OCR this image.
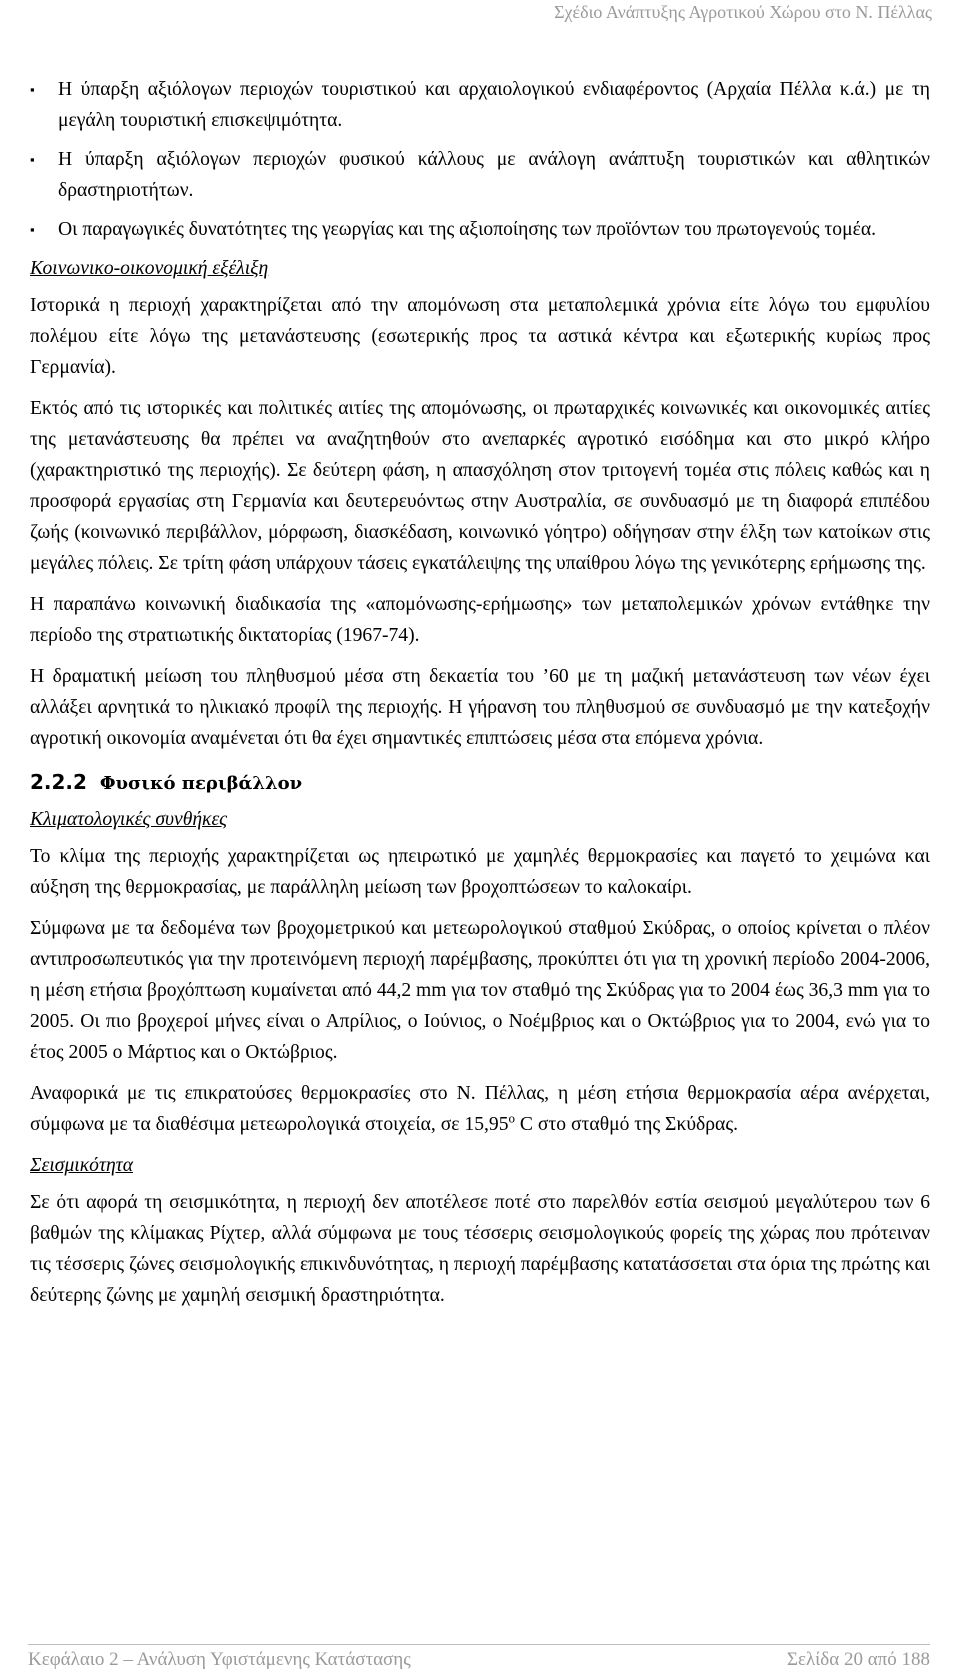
Σχέδιο Ανάπτυξης Αγροτικού Χώρου στο Ν. Πέλλας
▪ Η ύπαρξη αξιόλογων περιοχών τουριστικού και αρχαιολογικού ενδιαφέροντος (Αρχαία Πέλλα κ.ά.) με τη μεγάλη τουριστική επισκεψιμότητα.
▪ Η ύπαρξη αξιόλογων περιοχών φυσικού κάλλους με ανάλογη ανάπτυξη τουριστικών και αθλητικών δραστηριοτήτων.
▪ Οι παραγωγικές δυνατότητες της γεωργίας και της αξιοποίησης των προϊόντων του πρωτογενούς τομέα.
Κοινωνικο-οικονομική εξέλιξη

Ιστορικά η περιοχή χαρακτηρίζεται από την απομόνωση στα μεταπολεμικά χρόνια είτε λόγω του εμφυλίου πολέμου είτε λόγω της μετανάστευσης (εσωτερικής προς τα αστικά κέντρα και εξωτερικής κυρίως προς Γερμανία).

Εκτός από τις ιστορικές και πολιτικές αιτίες της απομόνωσης, οι πρωταρχικές κοινωνικές και οικονομικές αιτίες της μετανάστευσης θα πρέπει να αναζητηθούν στο ανεπαρκές αγροτικό εισόδημα και στο μικρό κλήρο (χαρακτηριστικό της περιοχής). Σε δεύτερη φάση, η απασχόληση στον τριτογενή τομέα στις πόλεις καθώς και η προσφορά εργασίας στη Γερμανία και δευτερευόντως στην Αυστραλία, σε συνδυασμό με τη διαφορά επιπέδου ζωής (κοινωνικό περιβάλλον, μόρφωση, διασκέδαση, κοινωνικό γόητρο) οδήγησαν στην έλξη των κατοίκων στις μεγάλες πόλεις. Σε τρίτη φάση υπάρχουν τάσεις εγκατάλειψης της υπαίθρου λόγω της γενικότερης ερήμωσης της.

Η παραπάνω κοινωνική διαδικασία της «απομόνωσης-ερήμωσης» των μεταπολεμικών χρόνων εντάθηκε την περίοδο της στρατιωτικής δικτατορίας (1967-74).

Η δραματική μείωση του πληθυσμού μέσα στη δεκαετία του ’60 με τη μαζική μετανάστευση των νέων έχει αλλάξει αρνητικά το ηλικιακό προφίλ της περιοχής. Η γήρανση του πληθυσμού σε συνδυασμό με την κατεξοχήν αγροτική οικονομία αναμένεται ότι θα έχει σημαντικές επιπτώσεις μέσα στα επόμενα χρόνια.

2.2.2 Φυσικό περιβάλλον
Κλιματολογικές συνθήκες

Το κλίμα της περιοχής χαρακτηρίζεται ως ηπειρωτικό με χαμηλές θερμοκρασίες και παγετό το χειμώνα και αύξηση της θερμοκρασίας, με παράλληλη μείωση των βροχοπτώσεων το καλοκαίρι.

Σύμφωνα με τα δεδομένα των βροχομετρικού και μετεωρολογικού σταθμού Σκύδρας, ο οποίος κρίνεται ο πλέον αντιπροσωπευτικός για την προτεινόμενη περιοχή παρέμβασης, προκύπτει ότι για τη χρονική περίοδο 2004-2006, η μέση ετήσια βροχόπτωση κυμαίνεται από 44,2 mm για τον σταθμό της Σκύδρας για το 2004 έως 36,3 mm για το 2005. Οι πιο βροχεροί μήνες είναι ο Απρίλιος, ο Ιούνιος, ο Νοέμβριος και ο Οκτώβριος για το 2004, ενώ για το έτος 2005 ο Μάρτιος και ο Οκτώβριος.

Αναφορικά με τις επικρατούσες θερμοκρασίες στο Ν. Πέλλας, η μέση ετήσια θερμοκρασία αέρα ανέρχεται, σύμφωνα με τα διαθέσιμα μετεωρολογικά στοιχεία, σε $15,95^o$ C στο σταθμό της Σκύδρας.

Σεισμικότητα

Σε ότι αφορά τη σεισμικότητα, η περιοχή δεν αποτέλεσε ποτέ στο παρελθόν εστία σεισμού μεγαλύτερου των 6 βαθμών της κλίμακας Ρίχτερ, αλλά σύμφωνα με τους τέσσερις σεισμολογικούς φορείς της χώρας που πρότειναν τις τέσσερις ζώνες σεισμολογικής επικινδυνότητας, η περιοχή παρέμβασης κατατάσσεται στα όρια της πρώτης και δεύτερης ζώνης με χαμηλή σεισμική δραστηριότητα.

Κεφάλαιο 2 – Ανάλυση Υφιστάμενης Κατάστασης	Σελίδα 20 από 188
